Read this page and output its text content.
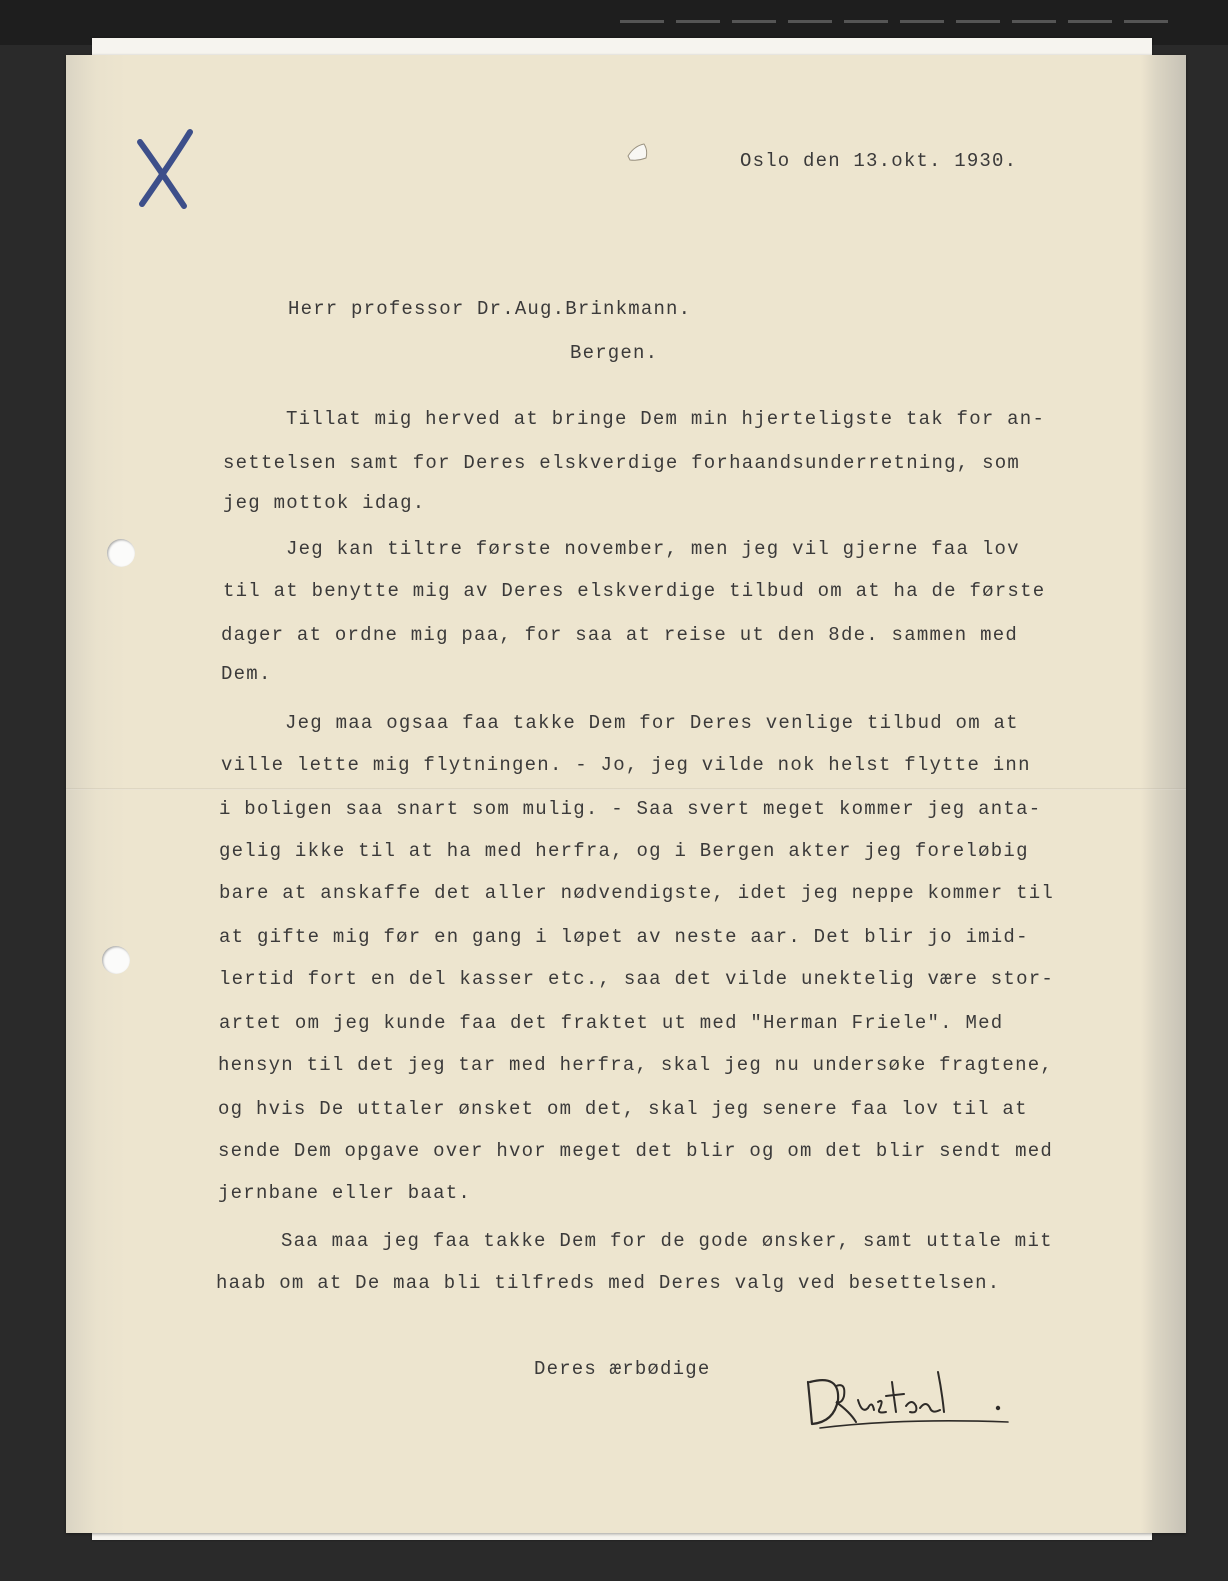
Oslo den 13.okt. 1930.
Herr professor Dr.Aug.Brinkmann.
Bergen.
Tillat mig herved at bringe Dem min hjerteligste tak for an-
settelsen samt for Deres elskverdige forhaandsunderretning, som
jeg mottok idag.
Jeg kan tiltre første november, men jeg vil gjerne faa lov
til at benytte mig av Deres elskverdige tilbud om at ha de første
dager at ordne mig paa, for saa at reise ut den 8de. sammen med
Dem.
Jeg maa ogsaa faa takke Dem for Deres venlige tilbud om at
ville lette mig flytningen. - Jo, jeg vilde nok helst flytte inn
i boligen saa snart som mulig. - Saa svert meget kommer jeg anta-
gelig ikke til at ha med herfra, og i Bergen akter jeg foreløbig
bare at anskaffe det aller nødvendigste, idet jeg neppe kommer til
at gifte mig før en gang i løpet av neste aar. Det blir jo imid-
lertid fort en del kasser etc., saa det vilde unektelig være stor-
artet om jeg kunde faa det fraktet ut med "Herman Friele". Med
hensyn til det jeg tar med herfra, skal jeg nu undersøke fragtene,
og hvis De uttaler ønsket om det, skal jeg senere faa lov til at
sende Dem opgave over hvor meget det blir og om det blir sendt med
jernbane eller baat.
Saa maa jeg faa takke Dem for de gode ønsker, samt uttale mit
haab om at De maa bli tilfreds med Deres valg ved besettelsen.
Deres ærbødige
